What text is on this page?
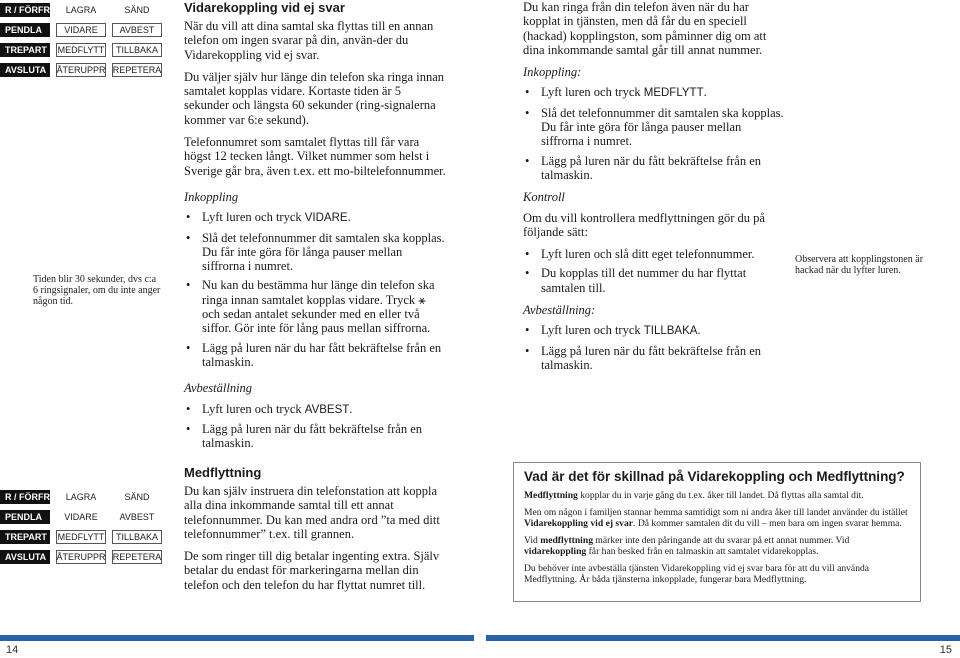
R / FÖRFR	LAGRA	SÄND
PENDLA	VIDARE	AVBEST
TREPART	MEDFLYTT	TILLBAKA
AVSLUTA	ÅTERUPPR REPETERA
R / FÖRFR	LAGRA	SÄND
PENDLA	VIDARE	AVBEST
TREPART	MEDFLYTT	TILLBAKA
AVSLUTA	ÅTERUPPR REPETERA
Tiden blir 30 sekunder, dvs c:a 6 ringsignaler, om du inte anger någon tid.
Observera att kopplingstonen är hackad när du lyfter luren.
Vidarekoppling vid ej svar

När du vill att dina samtal ska flyttas till en annan telefon om ingen svarar på din, använ-der du Vidarekoppling vid ej svar.

Du väljer själv hur länge din telefon ska ringa innan samtalet kopplas vidare. Kortaste tiden är 5 sekunder och längsta 60 sekunder (ring-signalerna kommer var 6:e sekund).

Telefonnumret som samtalet flyttas till får vara högst 12 tecken långt. Vilket nummer som helst i Sverige går bra, även t.ex. ett mo-biltelefonnummer.

Inkoppling
• Lyft luren och tryck VIDARE.
• Slå det telefonnummer dit samtalen ska kopplas. Du får inte göra för långa pauser mellan siffrorna i numret.
• Nu kan du bestämma hur länge din telefon ska ringa innan samtalet kopplas vidare. Tryck ⚹ och sedan antalet sekunder med en eller två siffor. Gör inte för lång paus mellan siffrorna.
• Lägg på luren när du har fått bekräftelse från en talmaskin.
Avbeställning
• Lyft luren och tryck AVBEST.
• Lägg på luren när du fått bekräftelse från en talmaskin.
Medflyttning

Du kan själv instruera din telefonstation att koppla alla dina inkommande samtal till ett annat telefonnummer. Du kan med andra ord ”ta med ditt telefonnummer” t.ex. till grannen.

De som ringer till dig betalar ingenting extra. Själv betalar du endast för markeringarna mellan din telefon och den telefon du har flyttat numret till.

Du kan ringa från din telefon även när du har kopplat in tjänsten, men då får du en speciell (hackad) kopplingston, som påminner dig om att dina inkommande samtal går till annat nummer.

Inkoppling:
• Lyft luren och tryck MEDFLYTT.
• Slå det telefonnummer dit samtalen ska kopplas. Du får inte göra för långa pauser mellan siffrorna i numret.
• Lägg på luren när du fått bekräftelse från en talmaskin.
Kontroll

Om du vill kontrollera medflyttningen gör du på följande sätt:

• Lyft luren och slå ditt eget telefonnummer.
• Du kopplas till det nummer du har flyttat samtalen till.
Avbeställning:
• Lyft luren och tryck TILLBAKA.
• Lägg på luren när du fått bekräftelse från en talmaskin.
Vad är det för skillnad på Vidarekoppling och Medflyttning?

Medflyttning kopplar du in varje gång du t.ex. åker till landet. Då flyttas alla samtal dit.

Men om någon i familjen stannar hemma samtidigt som ni andra åker till landet använder du istället Vidarekoppling vid ej svar. Då kommer samtalen dit du vill – men bara om ingen svarar hemma.

Vid medflyttning märker inte den påringande att du svarar på ett annat nummer. Vid vidarekoppling får han besked från en talmaskin att samtalet vidarekopplas.

Du behöver inte avbeställa tjänsten Vidarekoppling vid ej svar bara för att du vill använda Medflyttning. År båda tjänsterna inkopplade, fungerar bara Medflyttning.

14	15
